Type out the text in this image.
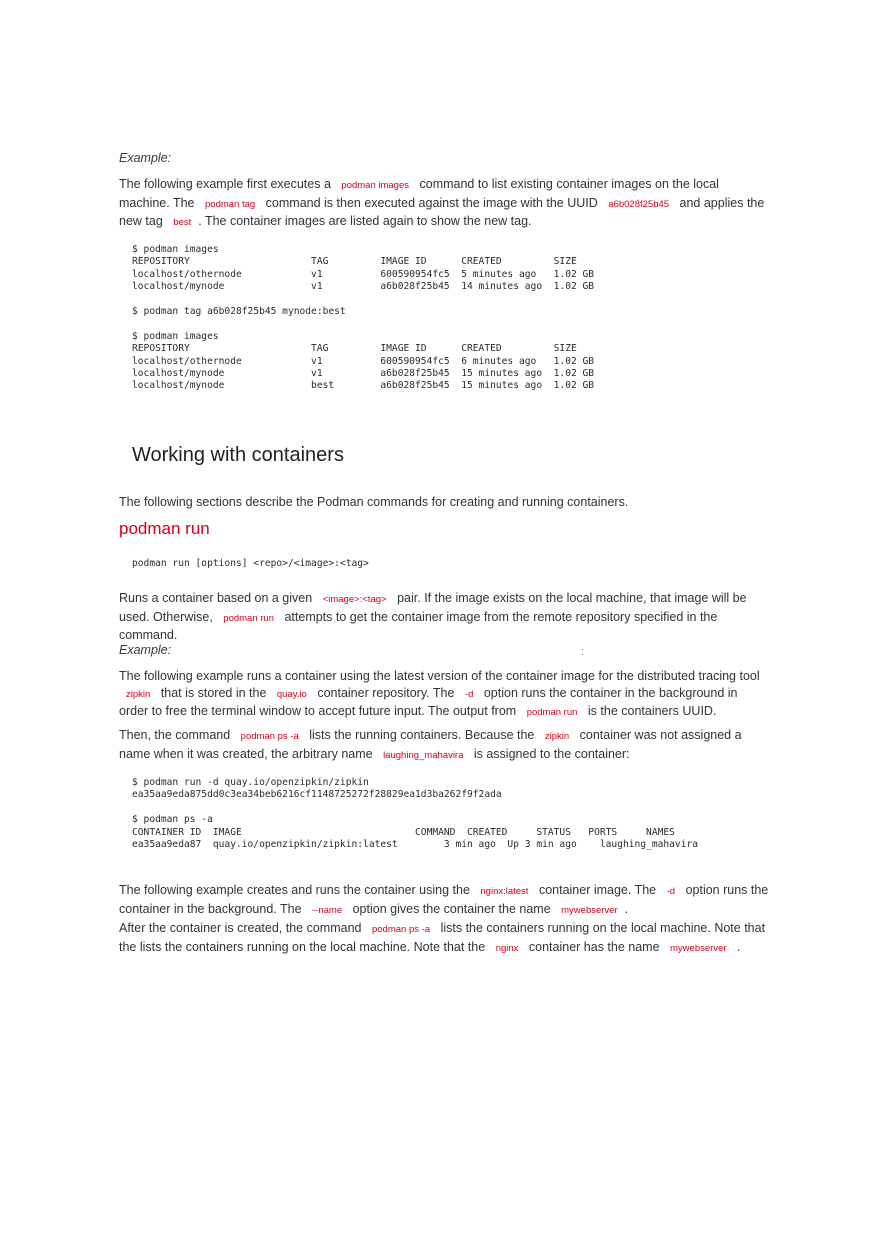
Example:
The following example first executes a podman images command to list existing container images on the local machine. The podman tag command is then executed against the image with the UUID a6b028f25b45 and applies the new tag best . The container images are listed again to show the new tag.
$ podman images
REPOSITORY                     TAG         IMAGE ID      CREATED         SIZE
localhost/othernode            v1          600590954fc5  5 minutes ago   1.02 GB
localhost/mynode               v1          a6b028f25b45  14 minutes ago  1.02 GB

$ podman tag a6b028f25b45 mynode:best

$ podman images
REPOSITORY                     TAG         IMAGE ID      CREATED         SIZE
localhost/othernode            v1          600590954fc5  6 minutes ago   1.02 GB
localhost/mynode               v1          a6b028f25b45  15 minutes ago  1.02 GB
localhost/mynode               best        a6b028f25b45  15 minutes ago  1.02 GB
Working with containers
The following sections describe the Podman commands for creating and running containers.
podman run
podman run [options] <repo>/<image>:<tag>
Runs a container based on a given <image>:<tag> pair. If the image exists on the local machine, that image will be used. Otherwise, podman run attempts to get the container image from the remote repository specified in the command.
Example:	:
The following example runs a container using the latest version of the container image for the distributed tracing tool zipkin that is stored in the quay.io container repository. The -d option runs the container in the background in order to free the terminal window to accept future input. The output from podman run is the containers UUID.
Then, the command podman ps -a lists the running containers. Because the zipkin container was not assigned a name when it was created, the arbitrary name laughing_mahavira is assigned to the container:
$ podman run -d quay.io/openzipkin/zipkin
ea35aa9eda875dd0c3ea34beb6216cf1148725272f28829ea1d3ba262f9f2ada

$ podman ps -a
CONTAINER ID  IMAGE                              COMMAND  CREATED     STATUS   PORTS     NAMES
ea35aa9eda87  quay.io/openzipkin/zipkin:latest        3 min ago  Up 3 min ago    laughing_mahavira
The following example creates and runs the container using the nginx:latest container image. The -d option runs the container in the background. The --name option gives the container the name mywebserver .
After the container is created, the command podman ps -a lists the containers running on the local machine. Note that the lists the containers running on the local machine. Note that the nginx container has the name mywebserver .
